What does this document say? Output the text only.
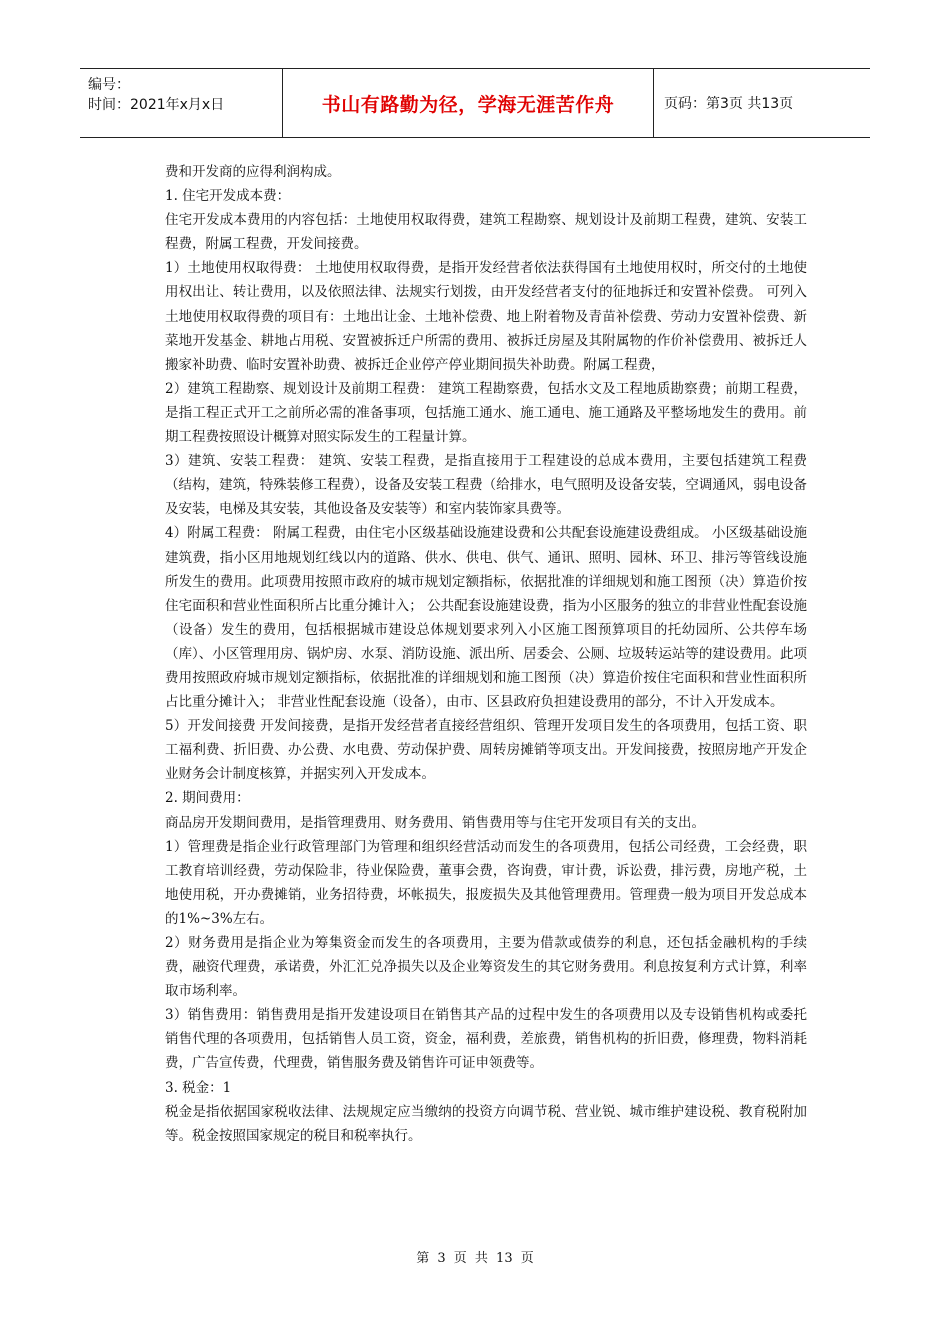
编号：
时间：2021年x月x日	书山有路勤为径，学海无涯苦作舟	页码：第3页 共13页

费和开发商的应得利润构成。

1. 住宅开发成本费：

住宅开发成本费用的内容包括：土地使用权取得费，建筑工程勘察、规划设计及前期工程费，建筑、安装工程费，附属工程费，开发间接费。

1）土地使用权取得费： 土地使用权取得费，是指开发经营者依法获得国有土地使用权时，所交付的土地使用权出让、转让费用，以及依照法律、法规实行划拨，由开发经营者支付的征地拆迁和安置补偿费。 可列入土地使用权取得费的项目有：土地出让金、土地补偿费、地上附着物及青苗补偿费、劳动力安置补偿费、新菜地开发基金、耕地占用税、安置被拆迁户所需的费用、被拆迁房屋及其附属物的作价补偿费用、被拆迁人搬家补助费、临时安置补助费、被拆迁企业停产停业期间损失补助费。附属工程费，

2）建筑工程勘察、规划设计及前期工程费： 建筑工程勘察费，包括水文及工程地质勘察费；前期工程费，是指工程正式开工之前所必需的准备事项，包括施工通水、施工通电、施工通路及平整场地发生的费用。前期工程费按照设计概算对照实际发生的工程量计算。

3）建筑、安装工程费： 建筑、安装工程费，是指直接用于工程建设的总成本费用，主要包括建筑工程费（结构，建筑，特殊装修工程费），设备及安装工程费（给排水，电气照明及设备安装，空调通风，弱电设备及安装，电梯及其安装，其他设备及安装等）和室内装饰家具费等。

4）附属工程费： 附属工程费，由住宅小区级基础设施建设费和公共配套设施建设费组成。 小区级基础设施建筑费，指小区用地规划红线以内的道路、供水、供电、供气、通讯、照明、园林、环卫、排污等管线设施所发生的费用。此项费用按照市政府的城市规划定额指标，依据批准的详细规划和施工图预（决）算造价按住宅面积和营业性面积所占比重分摊计入； 公共配套设施建设费，指为小区服务的独立的非营业性配套设施（设备）发生的费用，包括根据城市建设总体规划要求列入小区施工图预算项目的托幼园所、公共停车场（库）、小区管理用房、锅炉房、水泵、消防设施、派出所、居委会、公厕、垃圾转运站等的建设费用。此项费用按照政府城市规划定额指标，依据批准的详细规划和施工图预（决）算造价按住宅面积和营业性面积所占比重分摊计入； 非营业性配套设施（设备），由市、区县政府负担建设费用的部分，不计入开发成本。

5）开发间接费 开发间接费，是指开发经营者直接经营组织、管理开发项目发生的各项费用，包括工资、职工福利费、折旧费、办公费、水电费、劳动保护费、周转房摊销等项支出。开发间接费，按照房地产开发企业财务会计制度核算，并据实列入开发成本。

2. 期间费用：

商品房开发期间费用，是指管理费用、财务费用、销售费用等与住宅开发项目有关的支出。

1）管理费是指企业行政管理部门为管理和组织经营活动而发生的各项费用，包括公司经费，工会经费，职工教育培训经费，劳动保险非，待业保险费，董事会费，咨询费，审计费，诉讼费，排污费，房地产税，土地使用税，开办费摊销，业务招待费，坏帐损失，报废损失及其他管理费用。管理费一般为项目开发总成本的1%~3%左右。

2）财务费用是指企业为筹集资金而发生的各项费用，主要为借款或债券的利息，还包括金融机构的手续费，融资代理费，承诺费，外汇汇兑净损失以及企业筹资发生的其它财务费用。利息按复利方式计算，利率取市场利率。

3）销售费用：销售费用是指开发建设项目在销售其产品的过程中发生的各项费用以及专设销售机构或委托销售代理的各项费用，包括销售人员工资，资金，福利费，差旅费，销售机构的折旧费，修理费，物料消耗费，广告宣传费，代理费，销售服务费及销售许可证申领费等。

3. 税金：1

税金是指依据国家税收法律、法规规定应当缴纳的投资方向调节税、营业锐、城市维护建设税、教育税附加等。税金按照国家规定的税目和税率执行。

第 3 页 共 13 页
